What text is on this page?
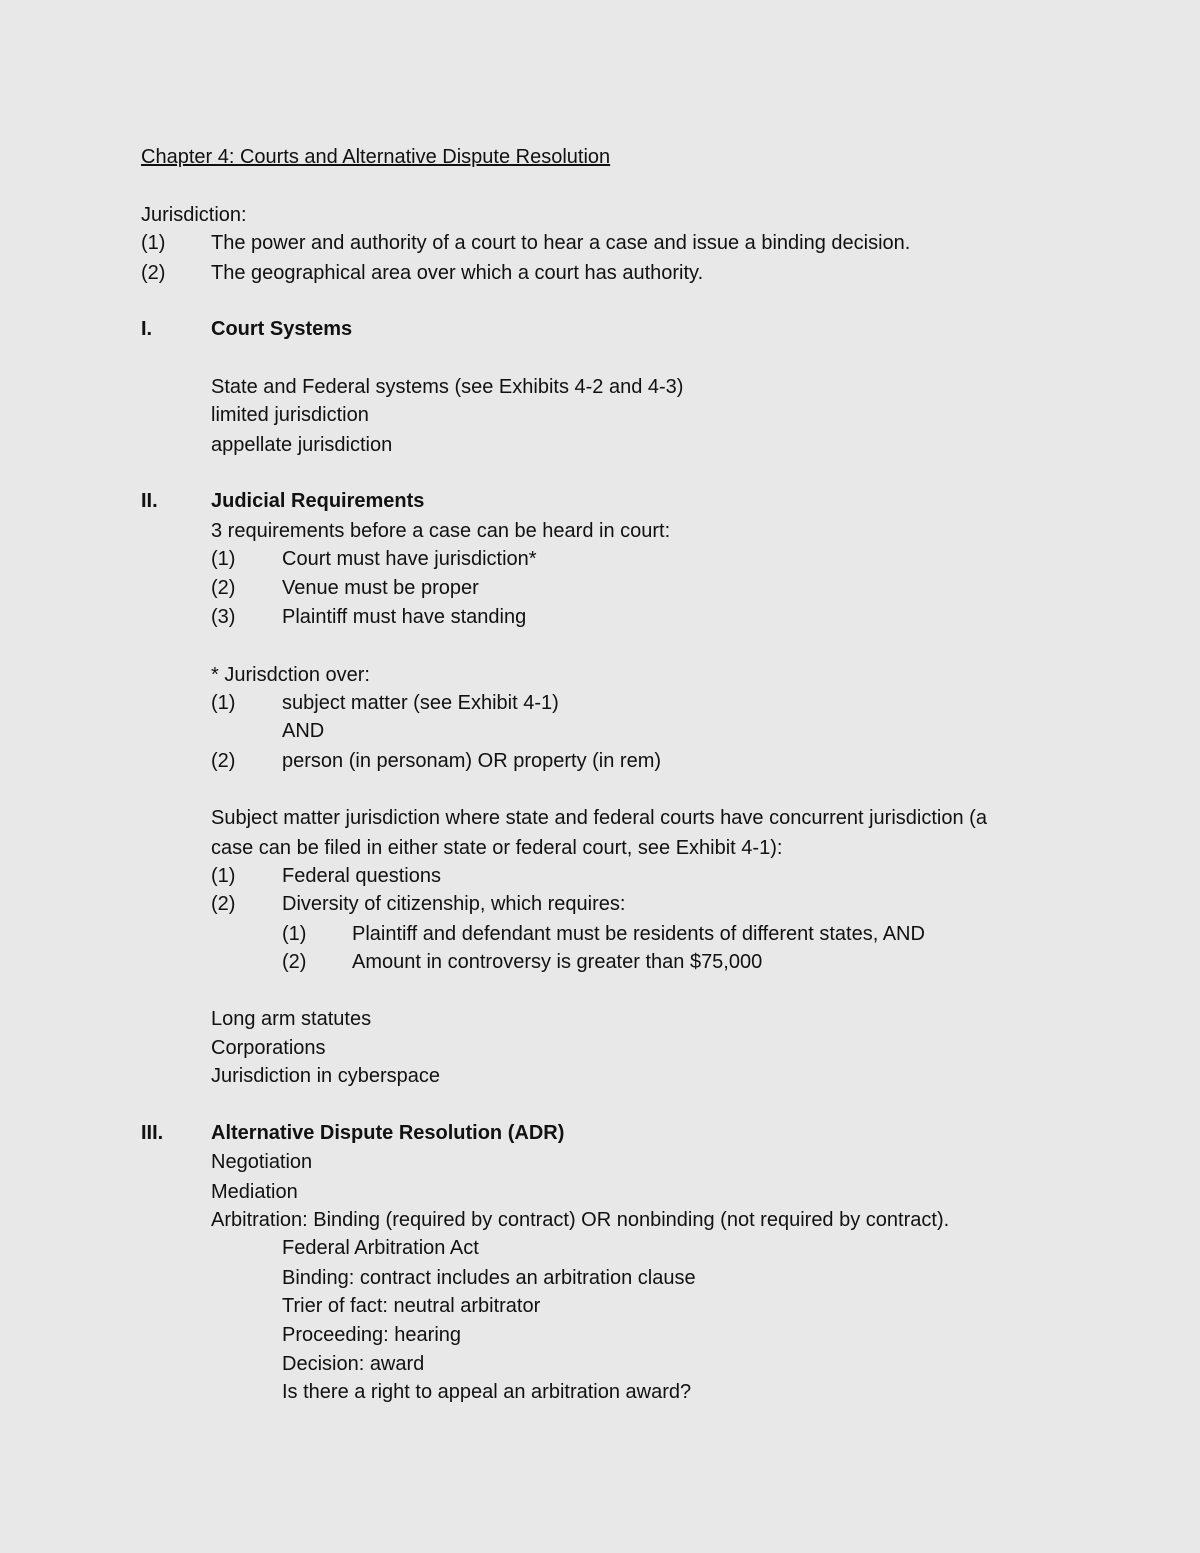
Chapter 4: Courts and Alternative Dispute Resolution
Jurisdiction:
(1) The power and authority of a court to hear a case and issue a binding decision.
(2) The geographical area over which a court has authority.
I.	Court Systems
State and Federal systems (see Exhibits 4-2 and 4-3)
limited jurisdiction
appellate jurisdiction
II.	Judicial Requirements
3 requirements before a case can be heard in court:
(1) Court must have jurisdiction*
(2) Venue must be proper
(3) Plaintiff must have standing
* Jurisdction over:
(1) subject matter (see Exhibit 4-1)
AND
(2) person (in personam) OR property (in rem)
Subject matter jurisdiction where state and federal courts have concurrent jurisdiction (a
case can be filed in either state or federal court, see Exhibit 4-1):
(1) Federal questions
(2) Diversity of citizenship, which requires:
(1) Plaintiff and defendant must be residents of different states, AND
(2) Amount in controversy is greater than $75,000
Long arm statutes
Corporations
Jurisdiction in cyberspace
III. Alternative Dispute Resolution (ADR)
Negotiation
Mediation
Arbitration: Binding (required by contract) OR nonbinding (not required by contract).
Federal Arbitration Act
Binding: contract includes an arbitration clause
Trier of fact: neutral arbitrator
Proceeding: hearing
Decision: award
Is there a right to appeal an arbitration award?
